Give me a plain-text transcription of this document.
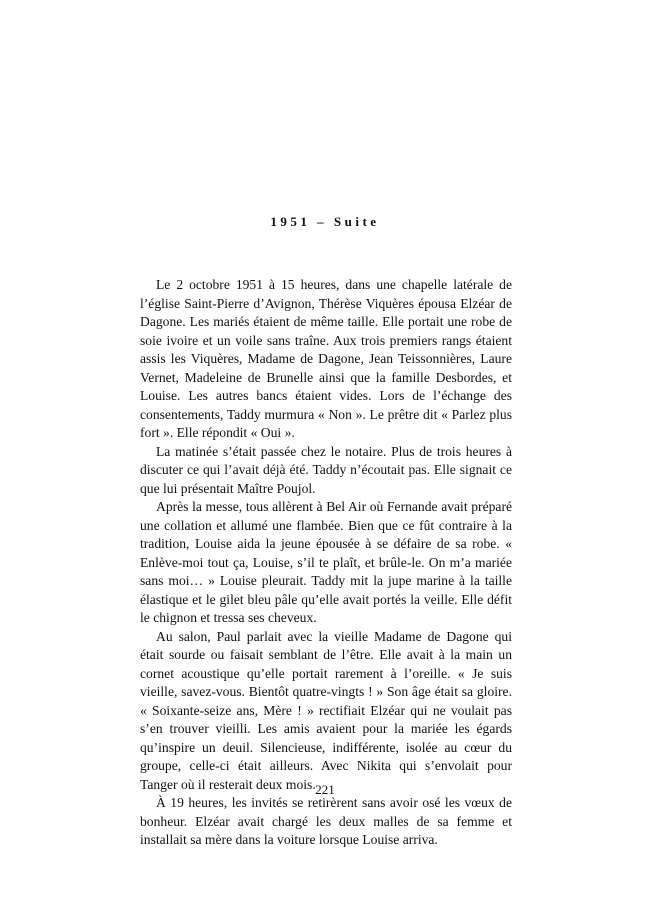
1951 – Suite

Le 2 octobre 1951 à 15 heures, dans une chapelle latérale de l’église Saint-Pierre d’Avignon, Thérèse Viquères épousa Elzéar de Dagone. Les mariés étaient de même taille. Elle portait une robe de soie ivoire et un voile sans traîne. Aux trois premiers rangs étaient assis les Viquères, Madame de Dagone, Jean Teissonnières, Laure Vernet, Madeleine de Brunelle ainsi que la famille Desbordes, et Louise. Les autres bancs étaient vides. Lors de l’échange des consentements, Taddy murmura « Non ». Le prêtre dit « Parlez plus fort ». Elle répondit « Oui ».

La matinée s’était passée chez le notaire. Plus de trois heures à discuter ce qui l’avait déjà été. Taddy n’écoutait pas. Elle signait ce que lui présentait Maître Poujol.

Après la messe, tous allèrent à Bel Air où Fernande avait préparé une collation et allumé une flambée. Bien que ce fût contraire à la tradition, Louise aida la jeune épousée à se défaire de sa robe. « Enlève-moi tout ça, Louise, s’il te plaît, et brûle-le. On m’a mariée sans moi… » Louise pleurait. Taddy mit la jupe marine à la taille élastique et le gilet bleu pâle qu’elle avait portés la veille. Elle défit le chignon et tressa ses cheveux.

Au salon, Paul parlait avec la vieille Madame de Dagone qui était sourde ou faisait semblant de l’être. Elle avait à la main un cornet acoustique qu’elle portait rarement à l’oreille. « Je suis vieille, savez-vous. Bientôt quatre-vingts ! » Son âge était sa gloire. « Soixante-seize ans, Mère ! » rectifiait Elzéar qui ne voulait pas s’en trouver vieilli. Les amis avaient pour la mariée les égards qu’inspire un deuil. Silencieuse, indifférente, isolée au cœur du groupe, celle-ci était ailleurs. Avec Nikita qui s’envolait pour Tanger où il resterait deux mois.

À 19 heures, les invités se retirèrent sans avoir osé les vœux de bonheur. Elzéar avait chargé les deux malles de sa femme et installait sa mère dans la voiture lorsque Louise arriva.

221
